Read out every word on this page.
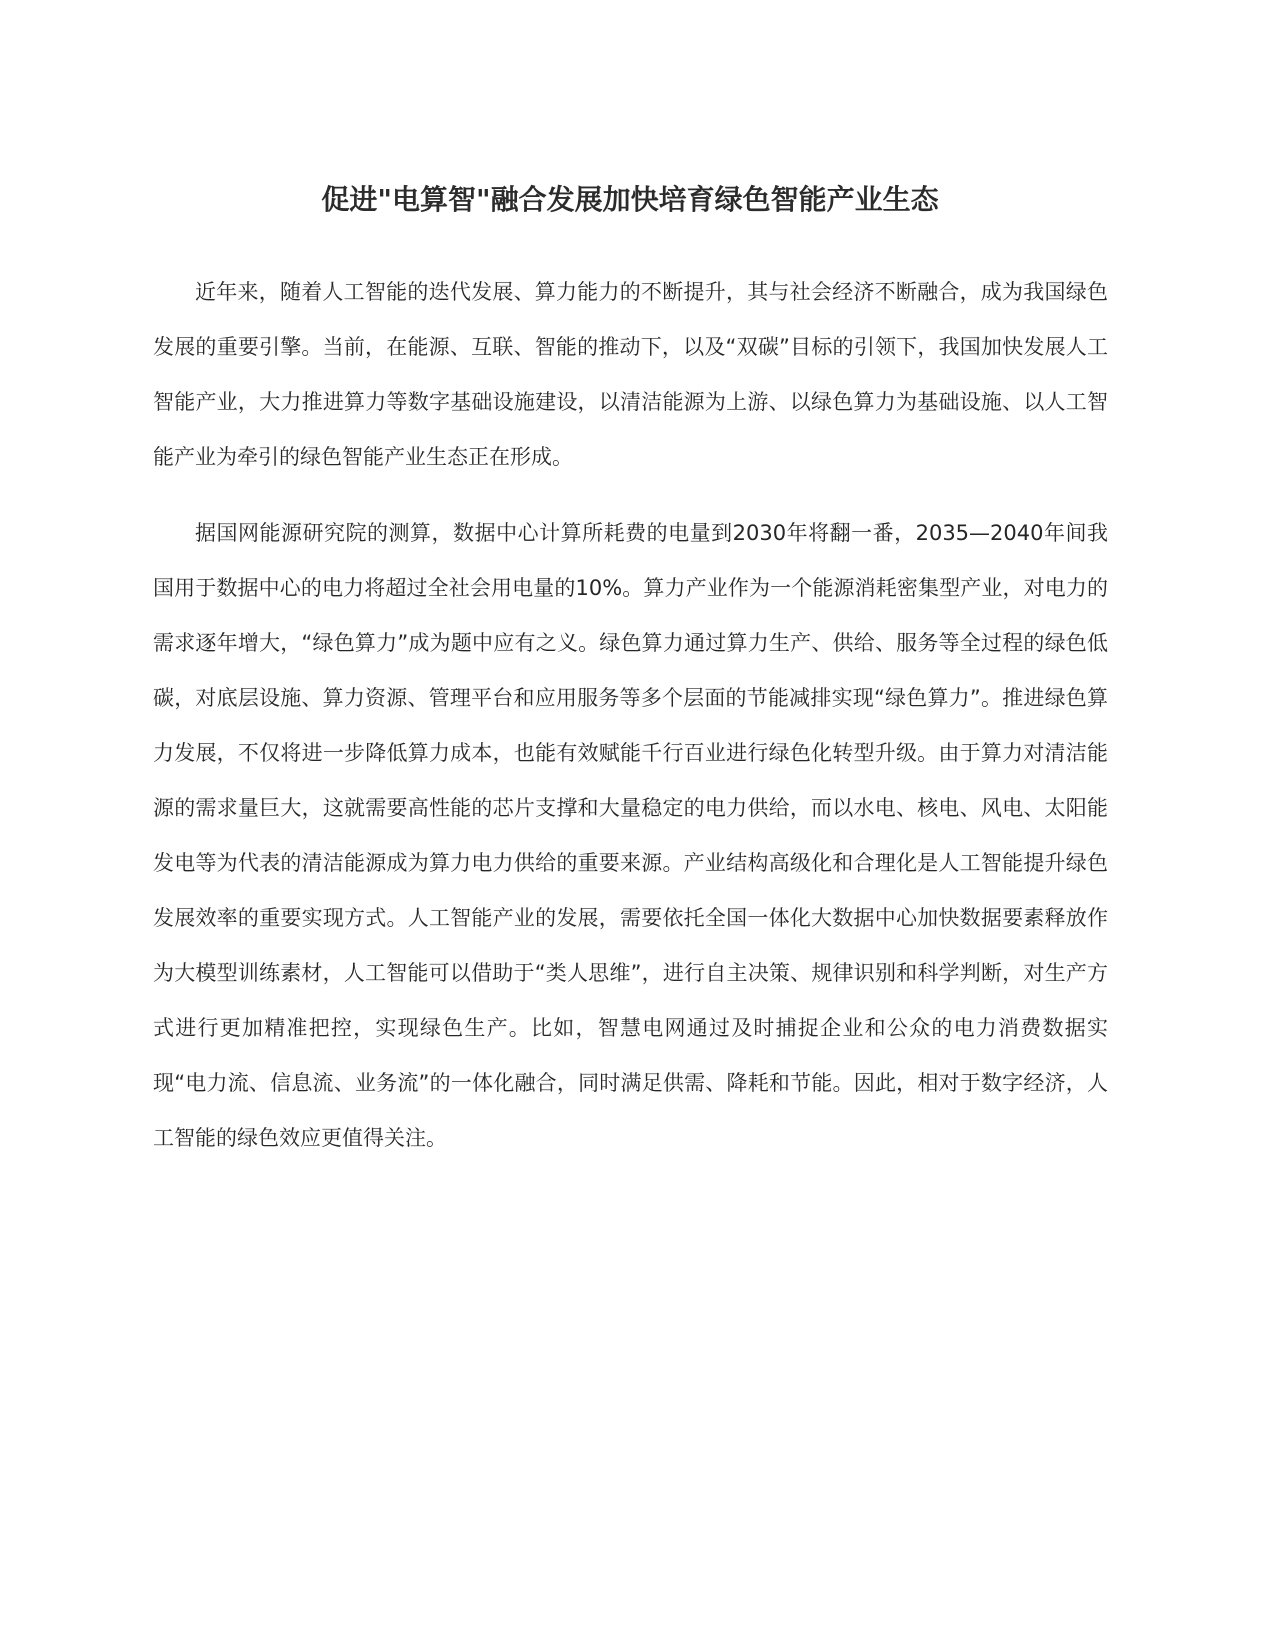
促进"电算智"融合发展加快培育绿色智能产业生态

近年来，随着人工智能的迭代发展、算力能力的不断提升，其与社会经济不断融合，成为我国绿色发展的重要引擎。当前，在能源、互联、智能的推动下，以及“双碳”目标的引领下，我国加快发展人工智能产业，大力推进算力等数字基础设施建设，以清洁能源为上游、以绿色算力为基础设施、以人工智能产业为牵引的绿色智能产业生态正在形成。

据国网能源研究院的测算，数据中心计算所耗费的电量到2030年将翻一番，2035—2040年间我国用于数据中心的电力将超过全社会用电量的10%。算力产业作为一个能源消耗密集型产业，对电力的需求逐年增大，“绿色算力”成为题中应有之义。绿色算力通过算力生产、供给、服务等全过程的绿色低碳，对底层设施、算力资源、管理平台和应用服务等多个层面的节能减排实现“绿色算力”。推进绿色算力发展，不仅将进一步降低算力成本，也能有效赋能千行百业进行绿色化转型升级。由于算力对清洁能源的需求量巨大，这就需要高性能的芯片支撑和大量稳定的电力供给，而以水电、核电、风电、太阳能发电等为代表的清洁能源成为算力电力供给的重要来源。产业结构高级化和合理化是人工智能提升绿色发展效率的重要实现方式。人工智能产业的发展，需要依托全国一体化大数据中心加快数据要素释放作为大模型训练素材，人工智能可以借助于“类人思维”，进行自主决策、规律识别和科学判断，对生产方式进行更加精准把控，实现绿色生产。比如，智慧电网通过及时捕捉企业和公众的电力消费数据实现“电力流、信息流、业务流”的一体化融合，同时满足供需、降耗和节能。因此，相对于数字经济，人工智能的绿色效应更值得关注。
